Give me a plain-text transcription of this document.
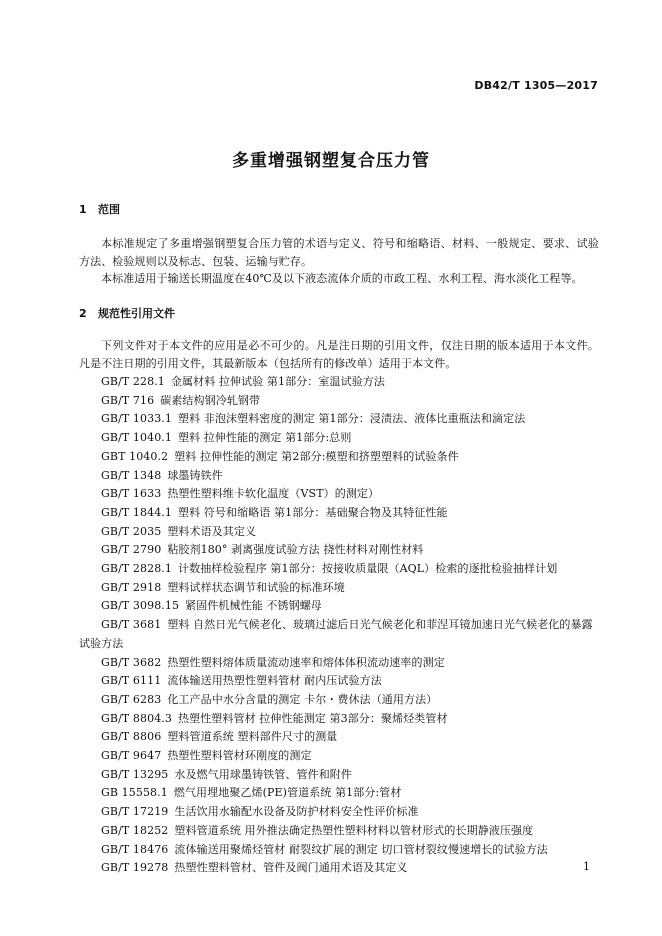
DB42/T 1305—2017
多重增强钢塑复合压力管
1 范围
本标准规定了多重增强钢塑复合压力管的术语与定义、符号和缩略语、材料、一般规定、要求、试验方法、检验规则以及标志、包装、运输与贮存。
本标准适用于输送长期温度在40℃及以下液态流体介质的市政工程、水利工程、海水淡化工程等。
2 规范性引用文件
下列文件对于本文件的应用是必不可少的。凡是注日期的引用文件，仅注日期的版本适用于本文件。凡是不注日期的引用文件，其最新版本（包括所有的修改单）适用于本文件。
GB/T 228.1 金属材料 拉伸试验 第1部分：室温试验方法
GB/T 716 碳素结构钢冷轧钢带
GB/T 1033.1 塑料 非泡沫塑料密度的测定 第1部分：浸渍法、液体比重瓶法和滴定法
GB/T 1040.1 塑料 拉伸性能的测定 第1部分:总则
GBT 1040.2 塑料 拉伸性能的测定 第2部分:模塑和挤塑塑料的试验条件
GB/T 1348 球墨铸铁件
GB/T 1633 热塑性塑料维卡软化温度（VST）的测定）
GB/T 1844.1 塑料 符号和缩略语 第1部分：基础聚合物及其特征性能
GB/T 2035 塑料术语及其定义
GB/T 2790 粘胶剂180° 剥离强度试验方法 挠性材料对刚性材料
GB/T 2828.1 计数抽样检验程序 第1部分：按接收质量限（AQL）检索的逐批检验抽样计划
GB/T 2918 塑料试样状态调节和试验的标准环境
GB/T 3098.15 紧固件机械性能 不锈钢螺母
GB/T 3681 塑料 自然日光气候老化、玻璃过滤后日光气候老化和菲涅耳镜加速日光气候老化的暴露试验方法
GB/T 3682 热塑性塑料熔体质量流动速率和熔体体积流动速率的测定
GB/T 6111 流体输送用热塑性塑料管材 耐内压试验方法
GB/T 6283 化工产品中水分含量的测定 卡尔・费休法（通用方法）
GB/T 8804.3 热塑性塑料管材 拉伸性能测定 第3部分：聚烯烃类管材
GB/T 8806 塑料管道系统 塑料部件尺寸的测量
GB/T 9647 热塑性塑料管材环刚度的测定
GB/T 13295 水及燃气用球墨铸铁管、管件和附件
GB 15558.1 燃气用埋地聚乙烯(PE)管道系统 第1部分:管材
GB/T 17219 生活饮用水输配水设备及防护材料安全性评价标准
GB/T 18252 塑料管道系统 用外推法确定热塑性塑料材料以管材形式的长期静液压强度
GB/T 18476 流体输送用聚烯烃管材 耐裂纹扩展的测定 切口管材裂纹慢速增长的试验方法
GB/T 19278 热塑性塑料管材、管件及阀门通用术语及其定义	1
